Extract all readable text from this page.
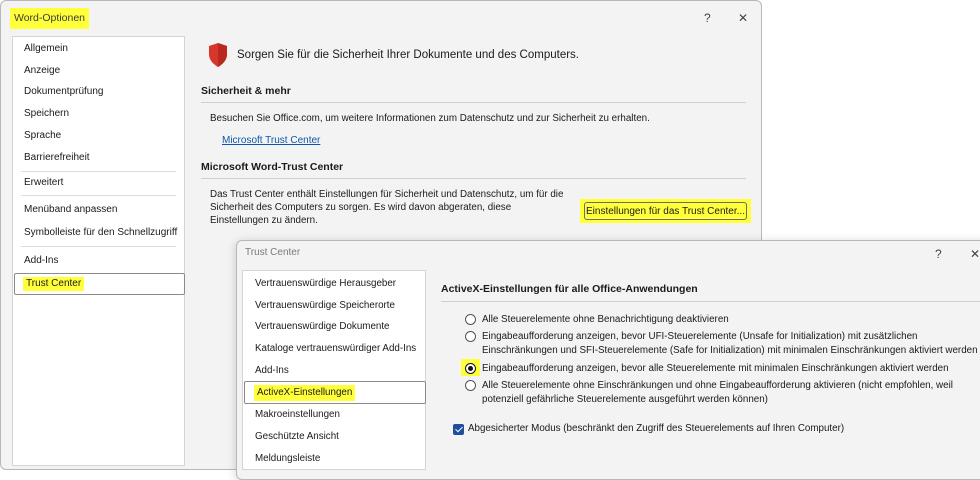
Word-Optionen	? ✕
Allgemein
Anzeige
Dokumentprüfung
Speichern
Sprache
Barrierefreiheit
Erweitert
Menüband anpassen
Symbolleiste für den Schnellzugriff
Add-Ins
Trust Center
Sorgen Sie für die Sicherheit Ihrer Dokumente und des Computers.
Sicherheit & mehr
Besuchen Sie Office.com, um weitere Informationen zum Datenschutz und zur Sicherheit zu erhalten.
Microsoft Trust Center
Microsoft Word-Trust Center
Das Trust Center enthält Einstellungen für Sicherheit und Datenschutz, um für die Sicherheit des Computers zu sorgen. Es wird davon abgeraten, diese Einstellungen zu ändern.
Einstellungen für das Trust Center...
Trust Center	? ✕
Vertrauenswürdige Herausgeber
Vertrauenswürdige Speicherorte
Vertrauenswürdige Dokumente
Kataloge vertrauenswürdiger Add-Ins
Add-Ins
ActiveX-Einstellungen
Makroeinstellungen
Geschützte Ansicht
Meldungsleiste
ActiveX-Einstellungen für alle Office-Anwendungen
Alle Steuerelemente ohne Benachrichtigung deaktivieren
Eingabeaufforderung anzeigen, bevor UFI-Steuerelemente (Unsafe for Initialization) mit zusätzlichen
Einschränkungen und SFI-Steuerelemente (Safe for Initialization) mit minimalen Einschränkungen aktiviert werden
Eingabeaufforderung anzeigen, bevor alle Steuerelemente mit minimalen Einschränkungen aktiviert werden
Alle Steuerelemente ohne Einschränkungen und ohne Eingabeaufforderung aktivieren (nicht empfohlen, weil
potenziell gefährliche Steuerelemente ausgeführt werden können)
Abgesicherter Modus (beschränkt den Zugriff des Steuerelements auf Ihren Computer)
